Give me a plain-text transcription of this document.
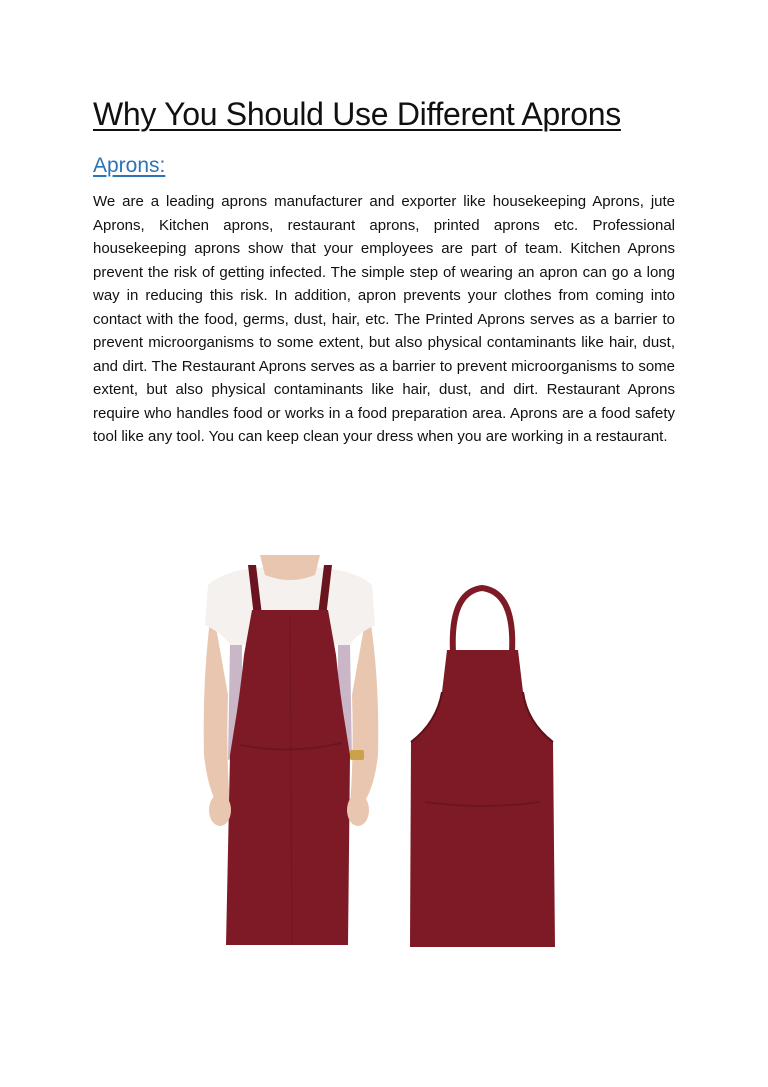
Why You Should Use Different Aprons
Aprons:

We are a leading aprons manufacturer and exporter like housekeeping Aprons, jute Aprons, Kitchen aprons, restaurant aprons, printed aprons etc. Professional housekeeping aprons show that your employees are part of team. Kitchen Aprons prevent the risk of getting infected. The simple step of wearing an apron can go a long way in reducing this risk. In addition, apron prevents your clothes from coming into contact with the food, germs, dust, hair, etc. The Printed Aprons serves as a barrier to prevent microorganisms to some extent, but also physical contaminants like hair, dust, and dirt. The Restaurant Aprons serves as a barrier to prevent microorganisms to some extent, but also physical contaminants like hair, dust, and dirt. Restaurant Aprons require who handles food or works in a food preparation area. Aprons are a food safety tool like any tool. You can keep clean your dress when you are working in a restaurant.
